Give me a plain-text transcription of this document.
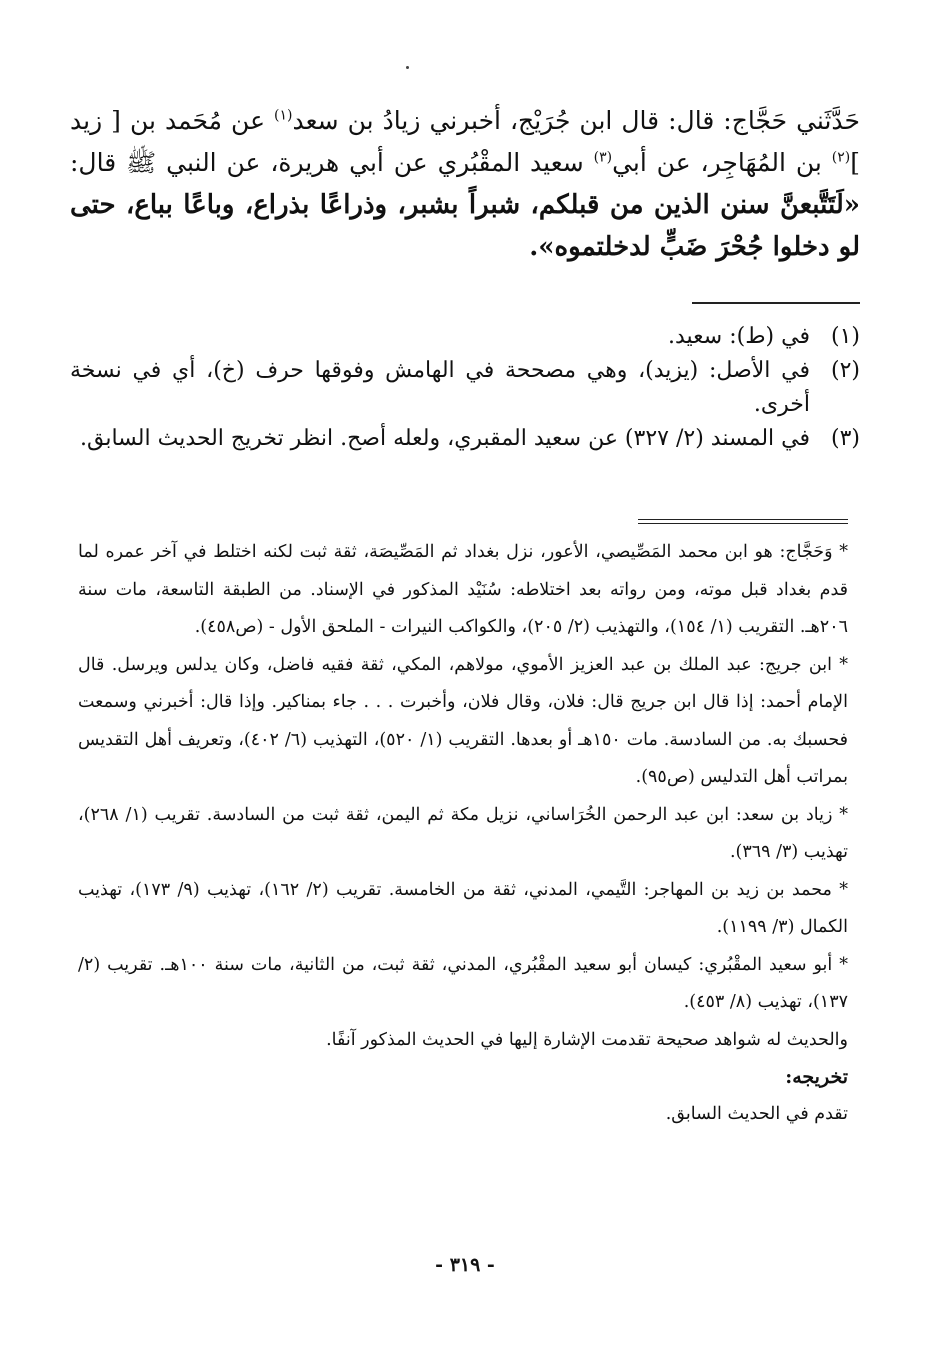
حَدَّثَني حَجَّاج: قال: قال ابن جُرَيْج، أخبرني زيادُ بن سعد$^{(١)}$ عن مُحَمد بن [ زيد ]$^{(٢)}$ بن المُهَاجِر، عن أبي$^{(٣)}$ سعيد المقْبُري عن أبي هريرة، عن النبي ﷺ قال: «لَتَتَّبعنَّ سنن الذين من قبلكم، شبراً بشبر، وذراعًا بذراع، وباعًا بباع، حتى لو دخلوا جُحْرَ ضَبٍّ لدخلتموه».

(١)
في (ط): سعيد.
(٢)
في الأصل: (يزيد)، وهي مصححة في الهامش وفوقها حرف (خ)، أي في نسخة أخرى.
(٣)
في المسند (٢/ ٣٢٧) عن سعيد المقبري، ولعله أصح. انظر تخريج الحديث السابق.

* وَحَجَّاج: هو ابن محمد المَصِّيصي، الأعور، نزل بغداد ثم المَصِّيصَة، ثقة ثبت لكنه اختلط في آخر عمره لما قدم بغداد قبل موته، ومن رواته بعد اختلاطه: سُنَيْد المذكور في الإسناد. من الطبقة التاسعة، مات سنة ٢٠٦هـ. التقريب (١/ ١٥٤)، والتهذيب (٢/ ٢٠٥)، والكواكب النيرات - الملحق الأول - (ص٤٥٨).

* ابن جريج: عبد الملك بن عبد العزيز الأموي، مولاهم، المكي، ثقة فقيه فاضل، وكان يدلس ويرسل. قال الإمام أحمد: إذا قال ابن جريج قال: فلان، وقال فلان، وأخبرت . . . جاء بمناكير. وإذا قال: أخبرني وسمعت فحسبك به. من السادسة. مات ١٥٠هـ أو بعدها. التقريب (١/ ٥٢٠)، التهذيب (٦/ ٤٠٢)، وتعريف أهل التقديس بمراتب أهل التدليس (ص٩٥).

* زياد بن سعد: ابن عبد الرحمن الخُرَاساني، نزيل مكة ثم اليمن، ثقة ثبت من السادسة. تقريب (١/ ٢٦٨)، تهذيب (٣/ ٣٦٩).

* محمد بن زيد بن المهاجر: التَّيمي، المدني، ثقة من الخامسة. تقريب (٢/ ١٦٢)، تهذيب (٩/ ١٧٣)، تهذيب الكمال (٣/ ١١٩٩).

* أبو سعيد المقْبُري: كيسان أبو سعيد المقْبُري، المدني، ثقة ثبت، من الثانية، مات سنة ١٠٠هـ. تقريب (٢/ ١٣٧)، تهذيب (٨/ ٤٥٣).

والحديث له شواهد صحيحة تقدمت الإشارة إليها في الحديث المذكور آنفًا.

تخريجه:

تقدم في الحديث السابق.

- ٣١٩ -
